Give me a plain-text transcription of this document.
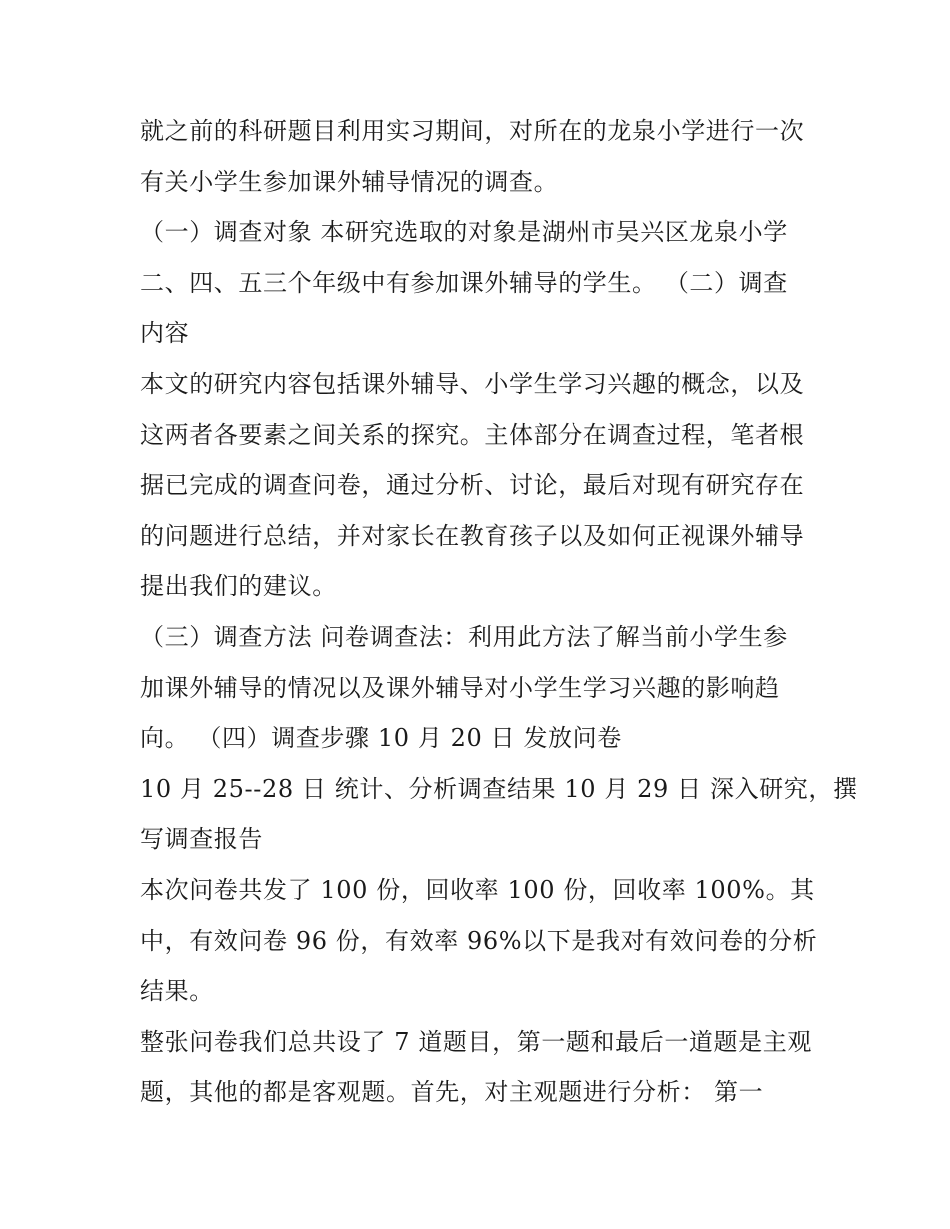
就之前的科研题目利用实习期间，对所在的龙泉小学进行一次
有关小学生参加课外辅导情况的调查。
（一）调查对象 本研究选取的对象是湖州市吴兴区龙泉小学
二、四、五三个年级中有参加课外辅导的学生。 （二）调查
内容
本文的研究内容包括课外辅导、小学生学习兴趣的概念，以及
这两者各要素之间关系的探究。主体部分在调查过程，笔者根
据已完成的调查问卷，通过分析、讨论，最后对现有研究存在
的问题进行总结，并对家长在教育孩子以及如何正视课外辅导
提出我们的建议。
（三）调查方法 问卷调查法：利用此方法了解当前小学生参
加课外辅导的情况以及课外辅导对小学生学习兴趣的影响趋
向。 （四）调查步骤 10 月 20 日 发放问卷
10 月 25--28 日 统计、分析调查结果 10 月 29 日 深入研究，撰
写调查报告
本次问卷共发了 100 份，回收率 100 份，回收率 100%。其
中，有效问卷 96 份，有效率 96%以下是我对有效问卷的分析
结果。
整张问卷我们总共设了 7 道题目，第一题和最后一道题是主观
题，其他的都是客观题。首先，对主观题进行分析： 第一
